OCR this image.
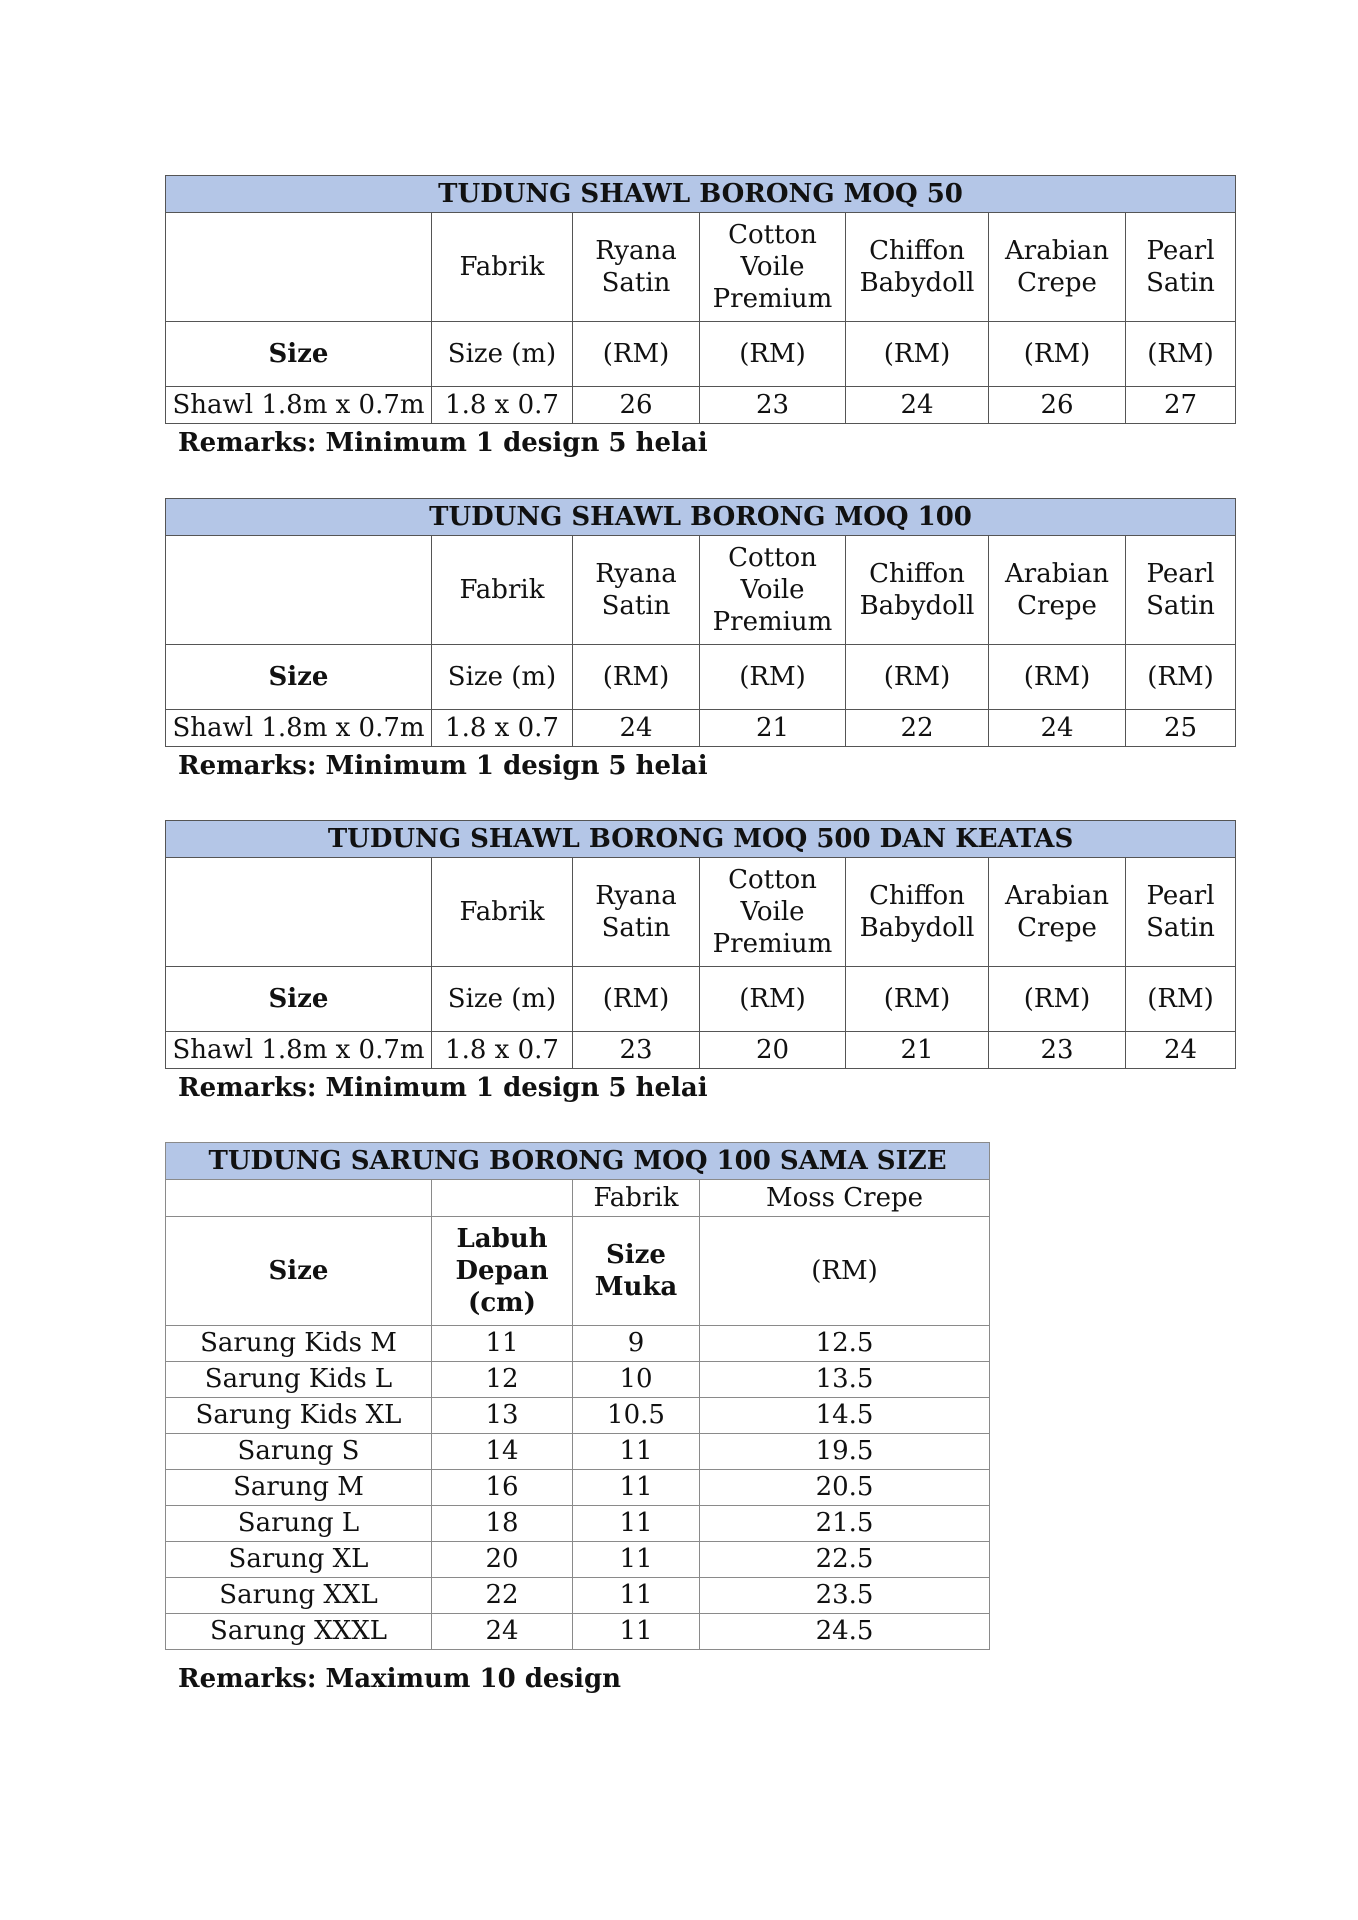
TUDUNG SHAWL BORONG MOQ 50						
	Fabrik	Ryana Satin	Cotton Voile Premium	Chiffon Babydoll	Arabian Crepe	Pearl Satin
Size	Size (m)	(RM)	(RM)	(RM)	(RM)	(RM)
Shawl 1.8m x 0.7m	1.8 x 0.7	26	23	24	26	27
Remarks: Minimum 1 design 5 helai
TUDUNG SHAWL BORONG MOQ 100						
	Fabrik	Ryana Satin	Cotton Voile Premium	Chiffon Babydoll	Arabian Crepe	Pearl Satin
Size	Size (m)	(RM)	(RM)	(RM)	(RM)	(RM)
Shawl 1.8m x 0.7m	1.8 x 0.7	24	21	22	24	25
Remarks: Minimum 1 design 5 helai
TUDUNG SHAWL BORONG MOQ 500 DAN KEATAS						
	Fabrik	Ryana Satin	Cotton Voile Premium	Chiffon Babydoll	Arabian Crepe	Pearl Satin
Size	Size (m)	(RM)	(RM)	(RM)	(RM)	(RM)
Shawl 1.8m x 0.7m	1.8 x 0.7	23	20	21	23	24
Remarks: Minimum 1 design 5 helai
TUDUNG SARUNG BORONG MOQ 100 SAMA SIZE			
		Fabrik	Moss Crepe
Size	Labuh Depan (cm)	Size Muka	(RM)
Sarung Kids M	11	9	12.5
Sarung Kids L	12	10	13.5
Sarung Kids XL	13	10.5	14.5
Sarung S	14	11	19.5
Sarung M	16	11	20.5
Sarung L	18	11	21.5
Sarung XL	20	11	22.5
Sarung XXL	22	11	23.5
Sarung XXXL	24	11	24.5
Remarks: Maximum 10 design
